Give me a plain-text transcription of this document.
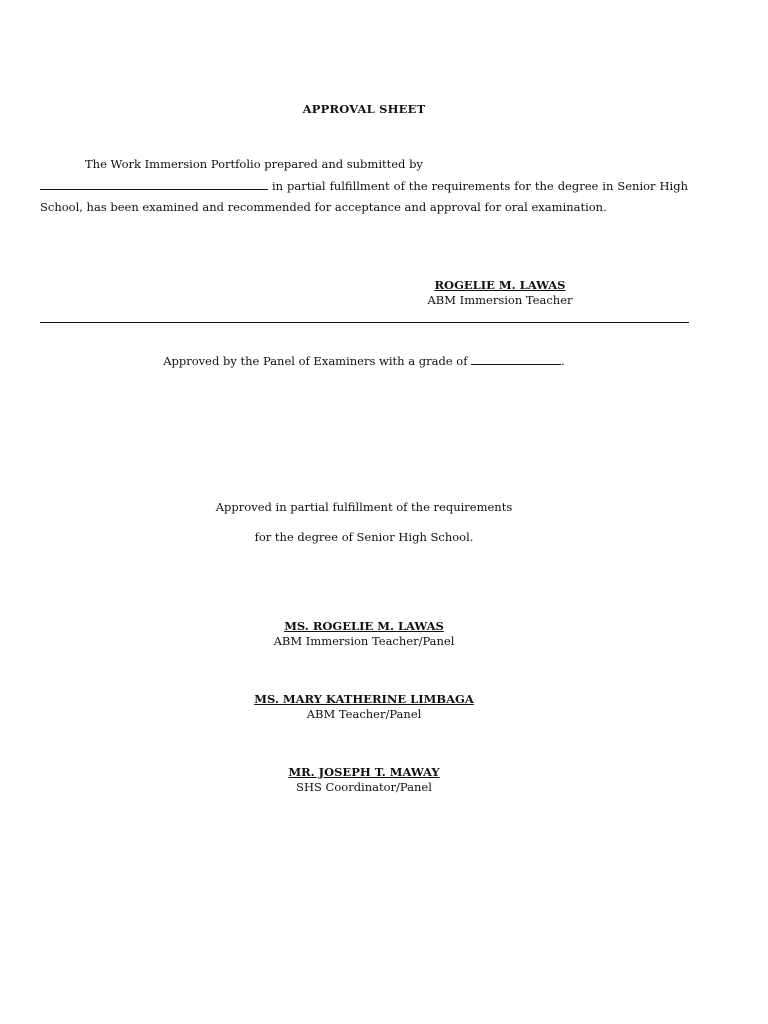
APPROVAL SHEET

The Work Immersion Portfolio prepared and submitted by
in partial fulfillment of the requirements for the degree in Senior High School, has been examined and recommended for acceptance and approval for oral examination.

ROGELIE M. LAWAS
ABM Immersion Teacher
Approved by the Panel of Examiners with a grade of	.
Approved in partial fulfillment of the requirements
for the degree of Senior High School.
MS. ROGELIE M. LAWAS
ABM Immersion Teacher/Panel
MS. MARY KATHERINE LIMBAGA
ABM Teacher/Panel
MR. JOSEPH T. MAWAY
SHS Coordinator/Panel
